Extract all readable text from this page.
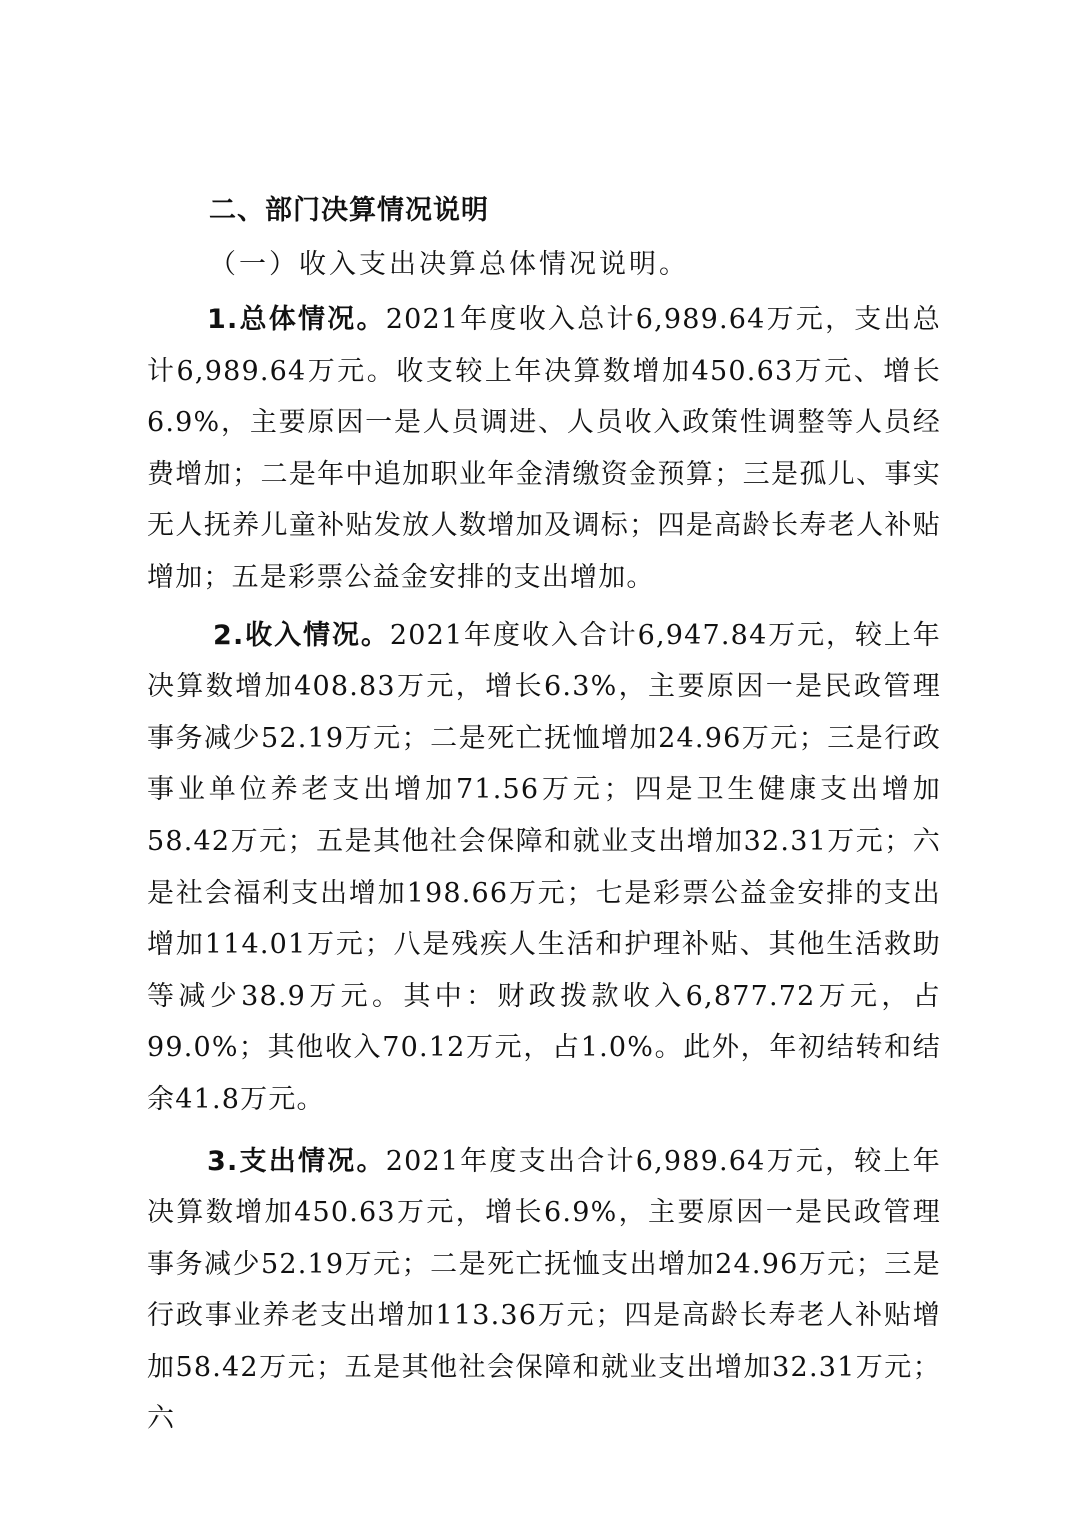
二、部门决算情况说明

（一）收入支出决算总体情况说明。

1.总体情况。2021年度收入总计6,989.64万元，支出总计6,989.64万元。收支较上年决算数增加450.63万元、增长6.9%，主要原因一是人员调进、人员收入政策性调整等人员经费增加；二是年中追加职业年金清缴资金预算；三是孤儿、事实无人抚养儿童补贴发放人数增加及调标；四是高龄长寿老人补贴增加；五是彩票公益金安排的支出增加。

2.收入情况。2021年度收入合计6,947.84万元，较上年决算数增加408.83万元，增长6.3%，主要原因一是民政管理事务减少52.19万元；二是死亡抚恤增加24.96万元；三是行政事业单位养老支出增加71.56万元；四是卫生健康支出增加58.42万元；五是其他社会保障和就业支出增加32.31万元；六是社会福利支出增加198.66万元；七是彩票公益金安排的支出增加114.01万元；八是残疾人生活和护理补贴、其他生活救助等减少38.9万元。其中：财政拨款收入6,877.72万元，占99.0%；其他收入70.12万元，占1.0%。此外，年初结转和结余41.8万元。

3.支出情况。2021年度支出合计6,989.64万元，较上年决算数增加450.63万元，增长6.9%，主要原因一是民政管理事务减少52.19万元；二是死亡抚恤支出增加24.96万元；三是行政事业养老支出增加113.36万元；四是高龄长寿老人补贴增加58.42万元；五是其他社会保障和就业支出增加32.31万元；六
